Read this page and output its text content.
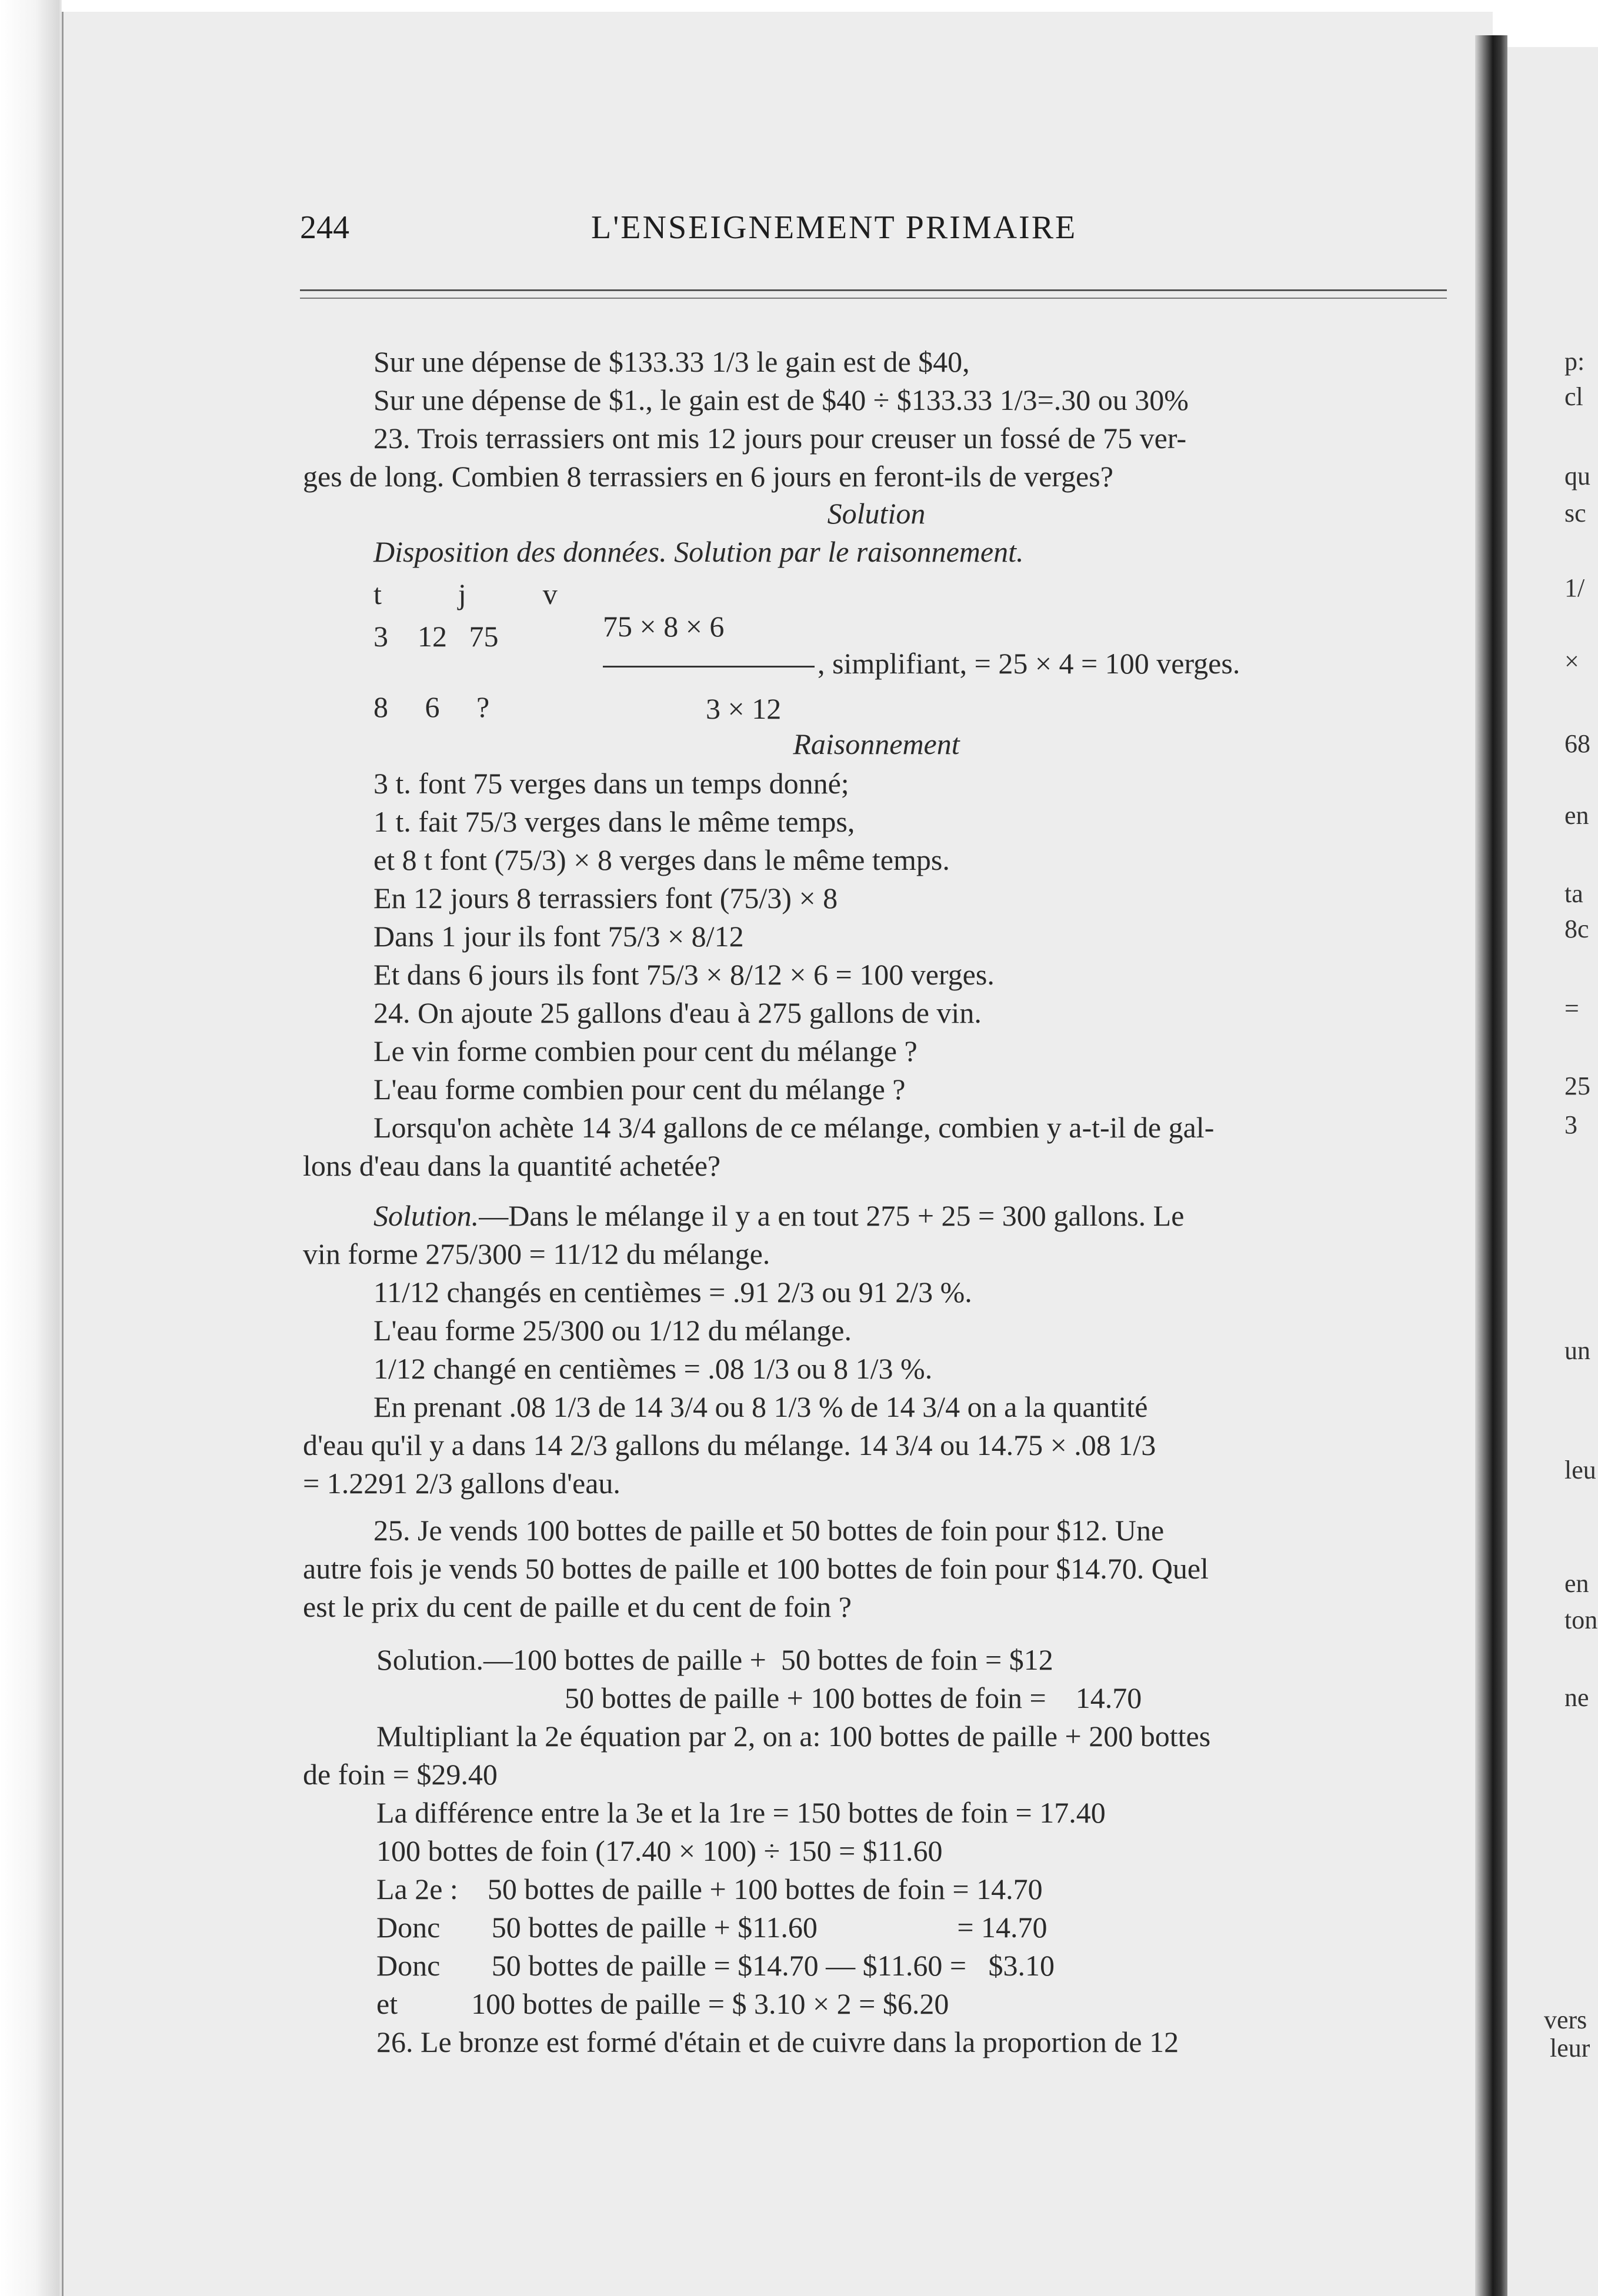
244	L'ENSEIGNEMENT PRIMAIRE
Sur une dépense de $133.33 1/3 le gain est de $40,
Sur une dépense de $1., le gain est de $40 ÷ $133.33 1/3=.30 ou 30%
23. Trois terrassiers ont mis 12 jours pour creuser un fossé de 75 ver-
ges de long. Combien 8 terrassiers en 6 jours en feront-ils de verges?
Solution
Disposition des données. Solution par le raisonnement.
t    j    v
3    12   75	75 × 8 × 6
, simplifiant, = 25 × 4 = 100 verges.
8     6     ?	3 × 12
Raisonnement
3 t. font 75 verges dans un temps donné;
1 t. fait 75/3 verges dans le même temps,
et 8 t font (75/3) × 8 verges dans le même temps.
En 12 jours 8 terrassiers font (75/3) × 8
Dans 1 jour ils font 75/3 × 8/12
Et dans 6 jours ils font 75/3 × 8/12 × 6 = 100 verges.
24. On ajoute 25 gallons d'eau à 275 gallons de vin.
Le vin forme combien pour cent du mélange ?
L'eau forme combien pour cent du mélange ?
Lorsqu'on achète 14 3/4 gallons de ce mélange, combien y a-t-il de gal-
lons d'eau dans la quantité achetée?
Solution.—Dans le mélange il y a en tout 275 + 25 = 300 gallons. Le
vin forme 275/300 = 11/12 du mélange.
11/12 changés en centièmes = .91 2/3 ou 91 2/3 %.
L'eau forme 25/300 ou 1/12 du mélange.
1/12 changé en centièmes = .08 1/3 ou 8 1/3 %.
En prenant .08 1/3 de 14 3/4 ou 8 1/3 % de 14 3/4 on a la quantité
d'eau qu'il y a dans 14 2/3 gallons du mélange. 14 3/4 ou 14.75 × .08 1/3
= 1.2291 2/3 gallons d'eau.
25. Je vends 100 bottes de paille et 50 bottes de foin pour $12. Une
autre fois je vends 50 bottes de paille et 100 bottes de foin pour $14.70. Quel
est le prix du cent de paille et du cent de foin ?
Solution.—100 bottes de paille +  50 bottes de foin = $12
50 bottes de paille + 100 bottes de foin =    14.70
Multipliant la 2e équation par 2, on a: 100 bottes de paille + 200 bottes
de foin = $29.40
La différence entre la 3e et la 1re = 150 bottes de foin = 17.40
100 bottes de foin (17.40 × 100) ÷ 150 = $11.60
La 2e :    50 bottes de paille + 100 bottes de foin = 14.70
Donc       50 bottes de paille + $11.60                   = 14.70
Donc       50 bottes de paille = $14.70 — $11.60 =   $3.10
et          100 bottes de paille = $ 3.10 × 2 = $6.20
26. Le bronze est formé d'étain et de cuivre dans la proportion de 12
p:
cl
qu
sc
1/
×
68
en
ta
8c
=
25
3
un
leu
en
ton
ne
vers
leur
